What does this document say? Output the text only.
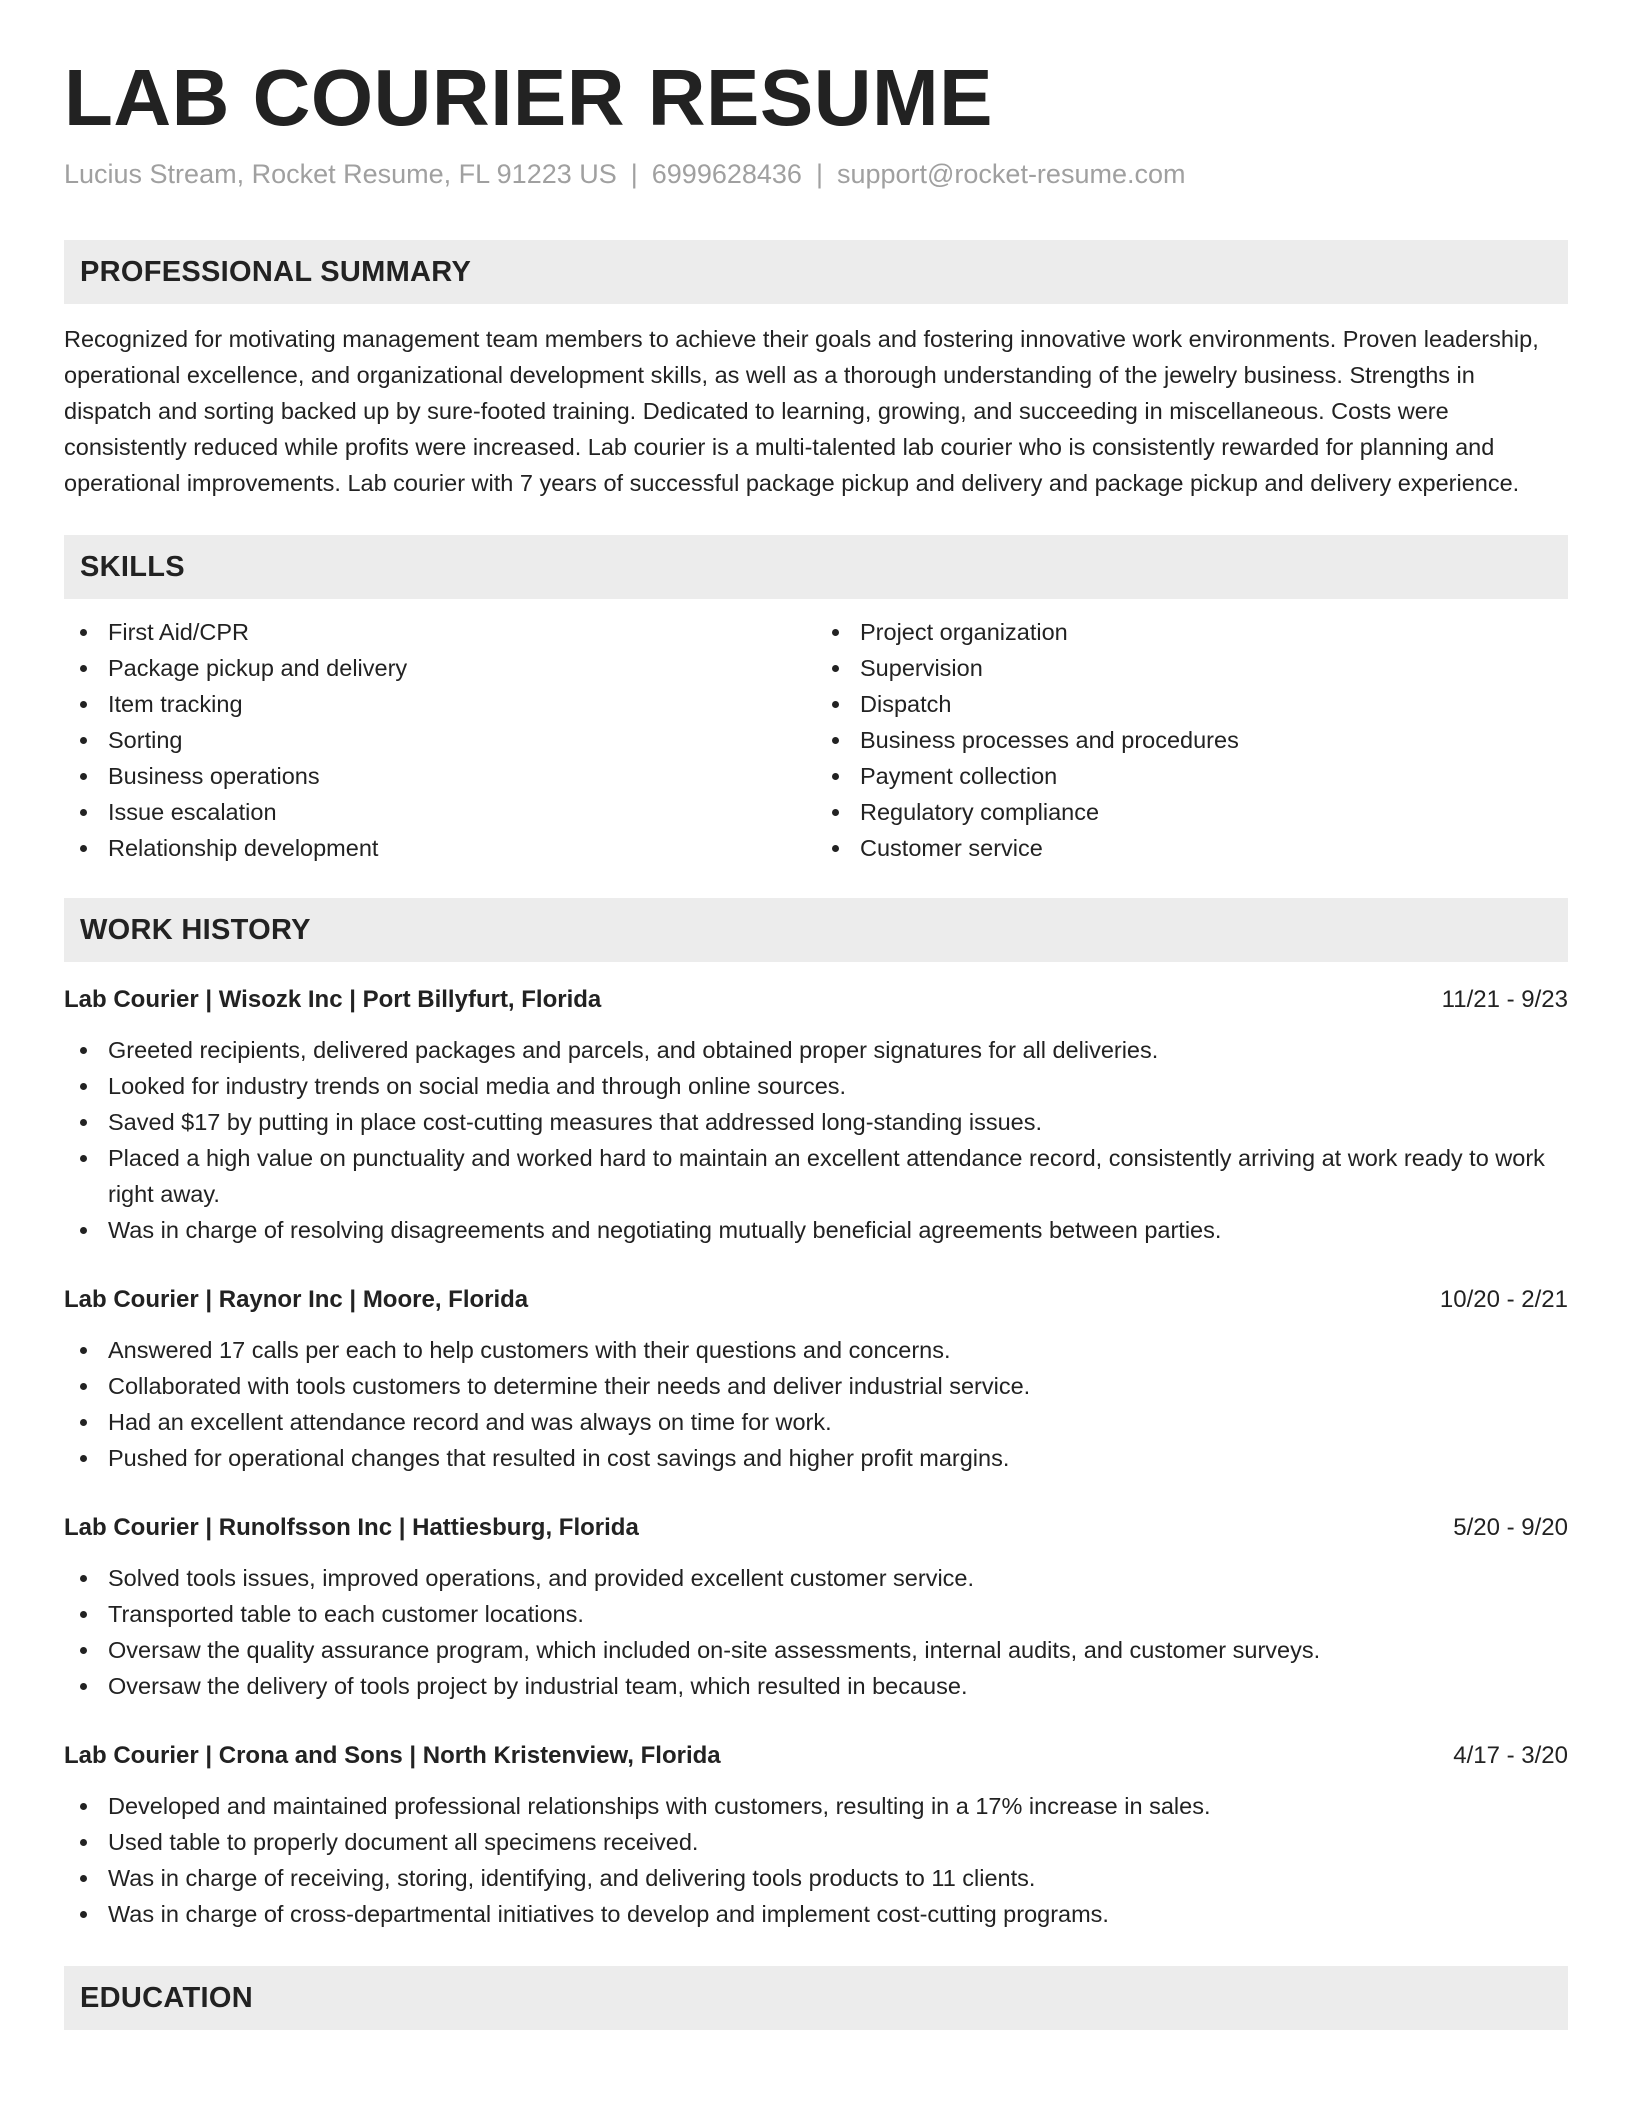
LAB COURIER RESUME
Lucius Stream, Rocket Resume, FL 91223 US | 6999628436 | support@rocket-resume.com
PROFESSIONAL SUMMARY
Recognized for motivating management team members to achieve their goals and fostering innovative work environments. Proven leadership, operational excellence, and organizational development skills, as well as a thorough understanding of the jewelry business. Strengths in dispatch and sorting backed up by sure-footed training. Dedicated to learning, growing, and succeeding in miscellaneous. Costs were consistently reduced while profits were increased. Lab courier is a multi-talented lab courier who is consistently rewarded for planning and operational improvements. Lab courier with 7 years of successful package pickup and delivery and package pickup and delivery experience.
SKILLS
First Aid/CPR
Package pickup and delivery
Item tracking
Sorting
Business operations
Issue escalation
Relationship development
Project organization
Supervision
Dispatch
Business processes and procedures
Payment collection
Regulatory compliance
Customer service
WORK HISTORY
Lab Courier | Wisozk Inc | Port Billyfurt, Florida	11/21 - 9/23
Greeted recipients, delivered packages and parcels, and obtained proper signatures for all deliveries.
Looked for industry trends on social media and through online sources.
Saved $17 by putting in place cost-cutting measures that addressed long-standing issues.
Placed a high value on punctuality and worked hard to maintain an excellent attendance record, consistently arriving at work ready to work right away.
Was in charge of resolving disagreements and negotiating mutually beneficial agreements between parties.
Lab Courier | Raynor Inc | Moore, Florida	10/20 - 2/21
Answered 17 calls per each to help customers with their questions and concerns.
Collaborated with tools customers to determine their needs and deliver industrial service.
Had an excellent attendance record and was always on time for work.
Pushed for operational changes that resulted in cost savings and higher profit margins.
Lab Courier | Runolfsson Inc | Hattiesburg, Florida	5/20 - 9/20
Solved tools issues, improved operations, and provided excellent customer service.
Transported table to each customer locations.
Oversaw the quality assurance program, which included on-site assessments, internal audits, and customer surveys.
Oversaw the delivery of tools project by industrial team, which resulted in because.
Lab Courier | Crona and Sons | North Kristenview, Florida	4/17 - 3/20
Developed and maintained professional relationships with customers, resulting in a 17% increase in sales.
Used table to properly document all specimens received.
Was in charge of receiving, storing, identifying, and delivering tools products to 11 clients.
Was in charge of cross-departmental initiatives to develop and implement cost-cutting programs.
EDUCATION
